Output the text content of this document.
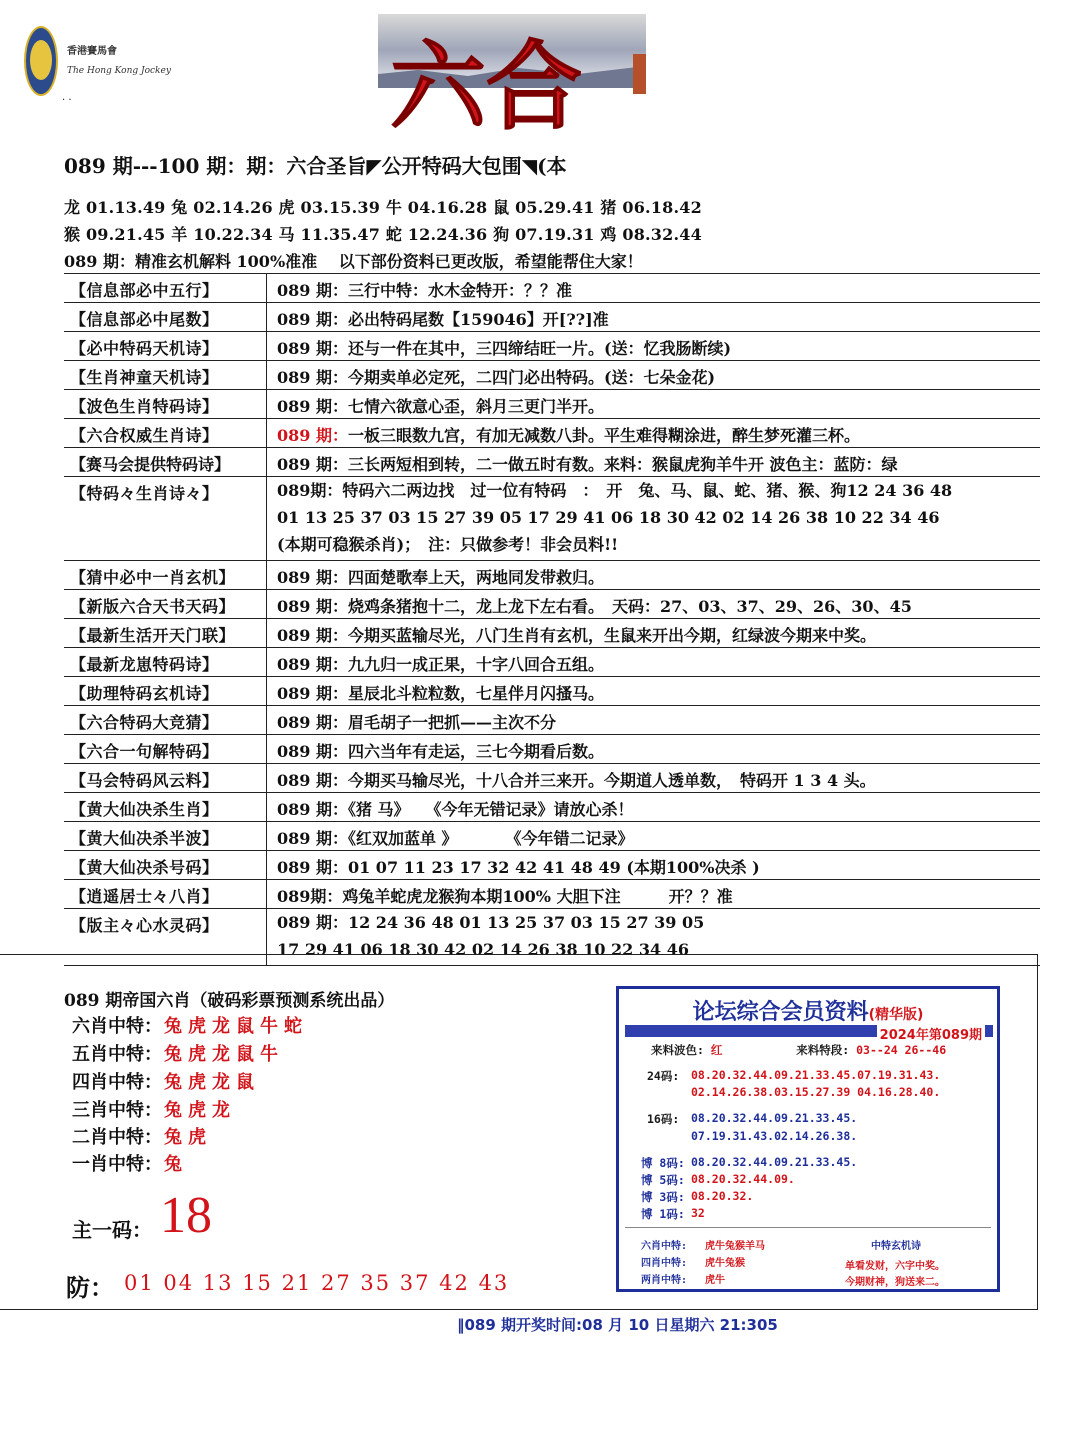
香港賽馬會
The Hong Kong Jockey
. .	六合
089 期---100 期：期：六合圣旨◤公开特码大包围◥(本
龙 01.13.49 兔 02.14.26 虎 03.15.39 牛 04.16.28 鼠 05.29.41 猪 06.18.42
猴 09.21.45 羊 10.22.34 马 11.35.47 蛇 12.24.36 狗 07.19.31 鸡 08.32.44
089 期：精准玄机解料 100%准准　 以下部份资料已更改版，希望能帮住大家！
【信息部必中五行】	089 期：三行中特：水木金特开：？？准
【信息部必中尾数】	089 期：必出特码尾数【159046】开[??]准
【必中特码天机诗】	089 期：还与一件在其中，三四缔结旺一片。(送：忆我肠断续)
【生肖神童天机诗】	089 期：今期卖单必定死，二四门必出特码。(送：七朵金花)
【波色生肖特码诗】	089 期：七情六欲意心歪，斜月三更门半开。
【六合权威生肖诗】	089 期：一板三眼数九宫，有加无减数八卦。平生难得糊涂进，醉生梦死灌三杯。
【赛马会提供特码诗】	089 期：三长两短相到转，二一做五时有数。来料：猴鼠虎狗羊牛开 波色主：蓝防：绿
【特码々生肖诗々】	089期：特码六二两边找　过一位有特码　：　开　兔、马、鼠、蛇、猪、猴、狗12 24 36 48
01 13 25 37 03 15 27 39 05 17 29 41 06 18 30 42 02 14 26 38 10 22 34 46
(本期可稳猴杀肖)；　注：只做参考！非会员料!!
【猜中必中一肖玄机】	089 期：四面楚歌奉上天，两地同发带救归。
【新版六合天书天码】	089 期：烧鸡条猪抱十二，龙上龙下左右看。　天码：27、03、37、29、26、30、45
【最新生活开天门联】	089 期：今期买蓝输尽光，八门生肖有玄机，生鼠来开出今期，红绿波今期来中奖。
【最新龙崽特码诗】	089 期：九九归一成正果，十字八回合五组。
【助理特码玄机诗】	089 期：星辰北斗粒粒数，七星伴月闪搔马。
【六合特码大竞猜】	089 期：眉毛胡子一把抓——主次不分
【六合一句解特码】	089 期：四六当年有走运，三七今期看后数。
【马会特码风云料】	089 期：今期买马输尽光，十八合并三来开。今期道人透单数，　特码开 1 3 4 头。
【黄大仙决杀生肖】	089 期：《猪 马》　　《今年无错记录》请放心杀！
【黄大仙决杀半波】	089 期：《红双加蓝单 》　　　　《今年错二记录》
【黄大仙决杀号码】	089 期：01 07 11 23 17 32 42 41 48 49 (本期100%决杀 )
【逍遥居士々八肖】	089期：鸡兔羊蛇虎龙猴狗本期100% 大胆下注　　　开？？准
【版主々心水灵码】	089 期：12 24 36 48 01 13 25 37 03 15 27 39 05
17 29 41 06 18 30 42 02 14 26 38 10 22 34 46
089 期帝国六肖（破码彩票预测系统出品）
六肖中特： 兔虎龙鼠牛蛇
五肖中特： 兔虎龙鼠牛
四肖中特： 兔虎龙鼠
三肖中特： 兔虎龙
二肖中特： 兔虎
一肖中特： 兔
主一码： 18
防： 01 04 13 15 21 27 35 37 42 43
论坛综合会员资料(精华版)
2024年第089期
来料波色: 红	来料特段: 03--24 26--46
24码: 08.20.32.44.09.21.33.45.07.19.31.43.
02.14.26.38.03.15.27.39 04.16.28.40.
16码: 08.20.32.44.09.21.33.45.
07.19.31.43.02.14.26.38.
博 8码: 08.20.32.44.09.21.33.45.
博 5码: 08.20.32.44.09.
博 3码: 08.20.32.
博 1码: 32
六肖中特: 虎牛兔猴羊马
四肖中特: 虎牛兔猴
两肖中特: 虎牛
中特玄机诗
单看发财，六字中奖。
今期财神，狗送来二。
‖089 期开奖时间:08 月 10 日星期六 21:305
